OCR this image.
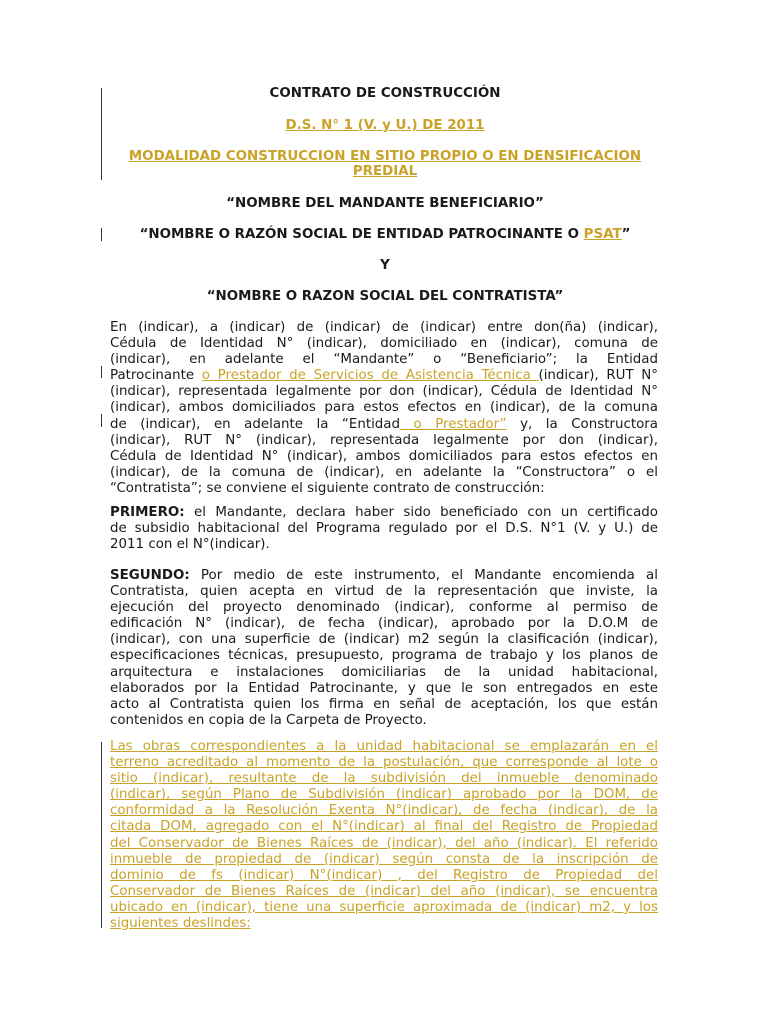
CONTRATO DE CONSTRUCCIÓN
D.S. N° 1 (V. y U.) DE 2011
MODALIDAD CONSTRUCCION EN SITIO PROPIO O EN DENSIFICACION
PREDIAL
“NOMBRE DEL MANDANTE BENEFICIARIO”
“NOMBRE O RAZÓN SOCIAL DE ENTIDAD PATROCINANTE O PSAT”
Y
“NOMBRE O RAZON SOCIAL DEL CONTRATISTA”
En (indicar), a (indicar) de (indicar) de (indicar) entre don(ña) (indicar),
Cédula de Identidad N° (indicar), domiciliado en (indicar), comuna de
(indicar), en adelante el “Mandante” o “Beneficiario”; la Entidad
Patrocinante o Prestador de Servicios de Asistencia Técnica (indicar), RUT N°
(indicar), representada legalmente por don (indicar), Cédula de Identidad N°
(indicar), ambos domiciliados para estos efectos en (indicar), de la comuna
de (indicar), en adelante la “Entidad o Prestador” y, la Constructora
(indicar), RUT N° (indicar), representada legalmente por don (indicar),
Cédula de Identidad N° (indicar), ambos domiciliados para estos efectos en
(indicar), de la comuna de (indicar), en adelante la “Constructora” o el
“Contratista”; se conviene el siguiente contrato de construcción:
PRIMERO: el Mandante, declara haber sido beneficiado con un certificado
de subsidio habitacional del Programa regulado por el D.S. N°1 (V. y U.) de
2011 con el N°(indicar).
SEGUNDO: Por medio de este instrumento, el Mandante encomienda al
Contratista, quien acepta en virtud de la representación que inviste, la
ejecución del proyecto denominado (indicar), conforme al permiso de
edificación N° (indicar), de fecha (indicar), aprobado por la D.O.M de
(indicar), con una superficie de (indicar) m2 según la clasificación (indicar),
especificaciones técnicas, presupuesto, programa de trabajo y los planos de
arquitectura e instalaciones domiciliarias de la unidad habitacional,
elaborados por la Entidad Patrocinante, y que le son entregados en este
acto al Contratista quien los firma en señal de aceptación, los que están
contenidos en copia de la Carpeta de Proyecto.
Las obras correspondientes a la unidad habitacional se emplazarán en el
terreno acreditado al momento de la postulación, que corresponde al lote o
sitio (indicar), resultante de la subdivisión del inmueble denominado
(indicar), según Plano de Subdivisión (indicar) aprobado por la DOM, de
conformidad a la Resolución Exenta N°(indicar), de fecha (indicar), de la
citada DOM, agregado con el N°(indicar) al final del Registro de Propiedad
del Conservador de Bienes Raíces de (indicar), del año (indicar). El referido
inmueble de propiedad de (indicar) según consta de la inscripción de
dominio de fs (indicar) N°(indicar) , del Registro de Propiedad del
Conservador de Bienes Raíces de (indicar) del año (indicar), se encuentra
ubicado en (indicar), tiene una superficie aproximada de (indicar) m2, y los
siguientes deslindes:
